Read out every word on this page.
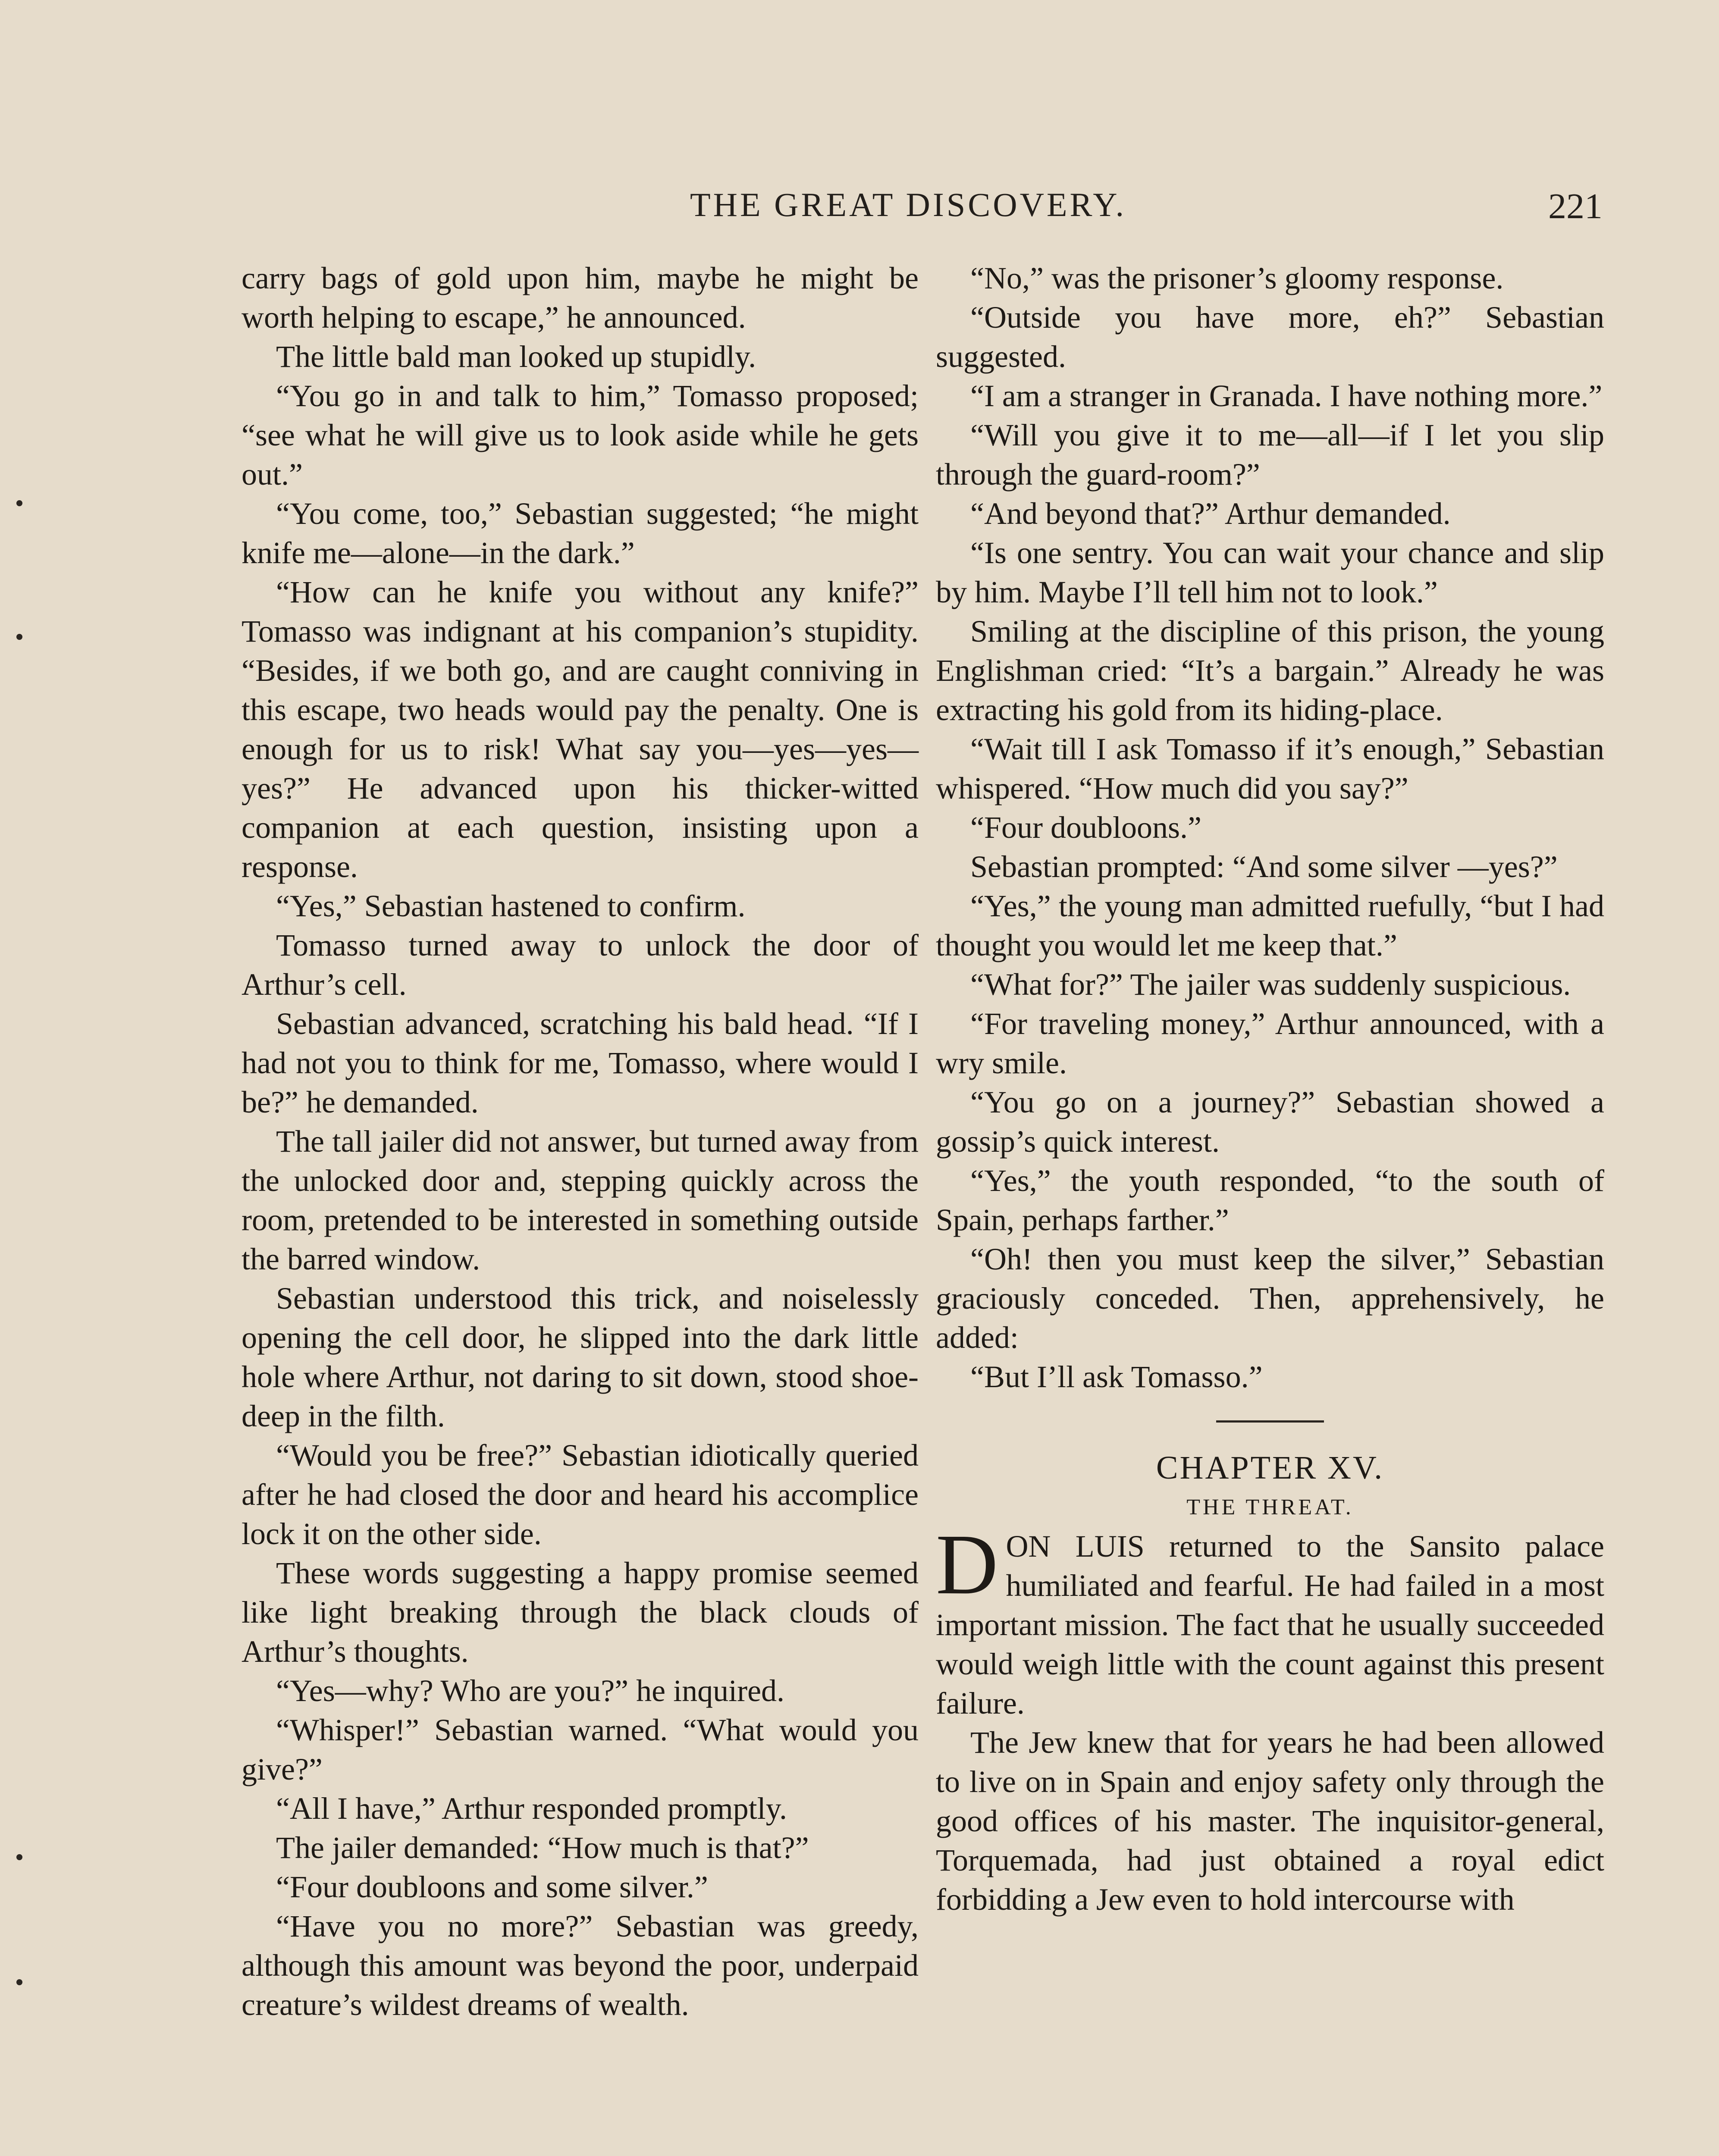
THE GREAT DISCOVERY.	221

carry bags of gold upon him, maybe he might be worth helping to escape,” he announced.

The little bald man looked up stupidly.

“You go in and talk to him,” Tomasso proposed; “see what he will give us to look aside while he gets out.”

“You come, too,” Sebastian suggested; “he might knife me—alone—in the dark.”

“How can he knife you without any knife?” Tomasso was indignant at his companion’s stupidity. “Besides, if we both go, and are caught conniving in this escape, two heads would pay the penalty. One is enough for us to risk! What say you—yes—yes—yes?” He advanced upon his thicker-witted companion at each question, insisting upon a response.

“Yes,” Sebastian hastened to confirm.

Tomasso turned away to unlock the door of Arthur’s cell.

Sebastian advanced, scratching his bald head. “If I had not you to think for me, Tomasso, where would I be?” he demanded.

The tall jailer did not answer, but turned away from the unlocked door and, stepping quickly across the room, pretended to be interested in something outside the barred window.

Sebastian understood this trick, and noiselessly opening the cell door, he slipped into the dark little hole where Arthur, not daring to sit down, stood shoe-deep in the filth.

“Would you be free?” Sebastian idiotically queried after he had closed the door and heard his accomplice lock it on the other side.

These words suggesting a happy promise seemed like light breaking through the black clouds of Arthur’s thoughts.

“Yes—why? Who are you?” he inquired.

“Whisper!” Sebastian warned. “What would you give?”

“All I have,” Arthur responded promptly.

The jailer demanded: “How much is that?”

“Four doubloons and some silver.”

“Have you no more?” Sebastian was greedy, although this amount was beyond the poor, underpaid creature’s wildest dreams of wealth.

“No,” was the prisoner’s gloomy response.

“Outside you have more, eh?” Sebastian suggested.

“I am a stranger in Granada. I have nothing more.”

“Will you give it to me—all—if I let you slip through the guard-room?”

“And beyond that?” Arthur demanded.

“Is one sentry. You can wait your chance and slip by him. Maybe I’ll tell him not to look.”

Smiling at the discipline of this prison, the young Englishman cried: “It’s a bargain.” Already he was extracting his gold from its hiding-place.

“Wait till I ask Tomasso if it’s enough,” Sebastian whispered. “How much did you say?”

“Four doubloons.”

Sebastian prompted: “And some silver —yes?”

“Yes,” the young man admitted ruefully, “but I had thought you would let me keep that.”

“What for?” The jailer was suddenly suspicious.

“For traveling money,” Arthur announced, with a wry smile.

“You go on a journey?” Sebastian showed a gossip’s quick interest.

“Yes,” the youth responded, “to the south of Spain, perhaps farther.”

“Oh! then you must keep the silver,” Sebastian graciously conceded. Then, apprehensively, he added:

“But I’ll ask Tomasso.”

CHAPTER XV.

THE THREAT.

DON LUIS returned to the Sansito palace humiliated and fearful. He had failed in a most important mission. The fact that he usually succeeded would weigh little with the count against this present failure.

The Jew knew that for years he had been allowed to live on in Spain and enjoy safety only through the good offices of his master. The inquisitor-general, Torquemada, had just obtained a royal edict forbidding a Jew even to hold intercourse with
